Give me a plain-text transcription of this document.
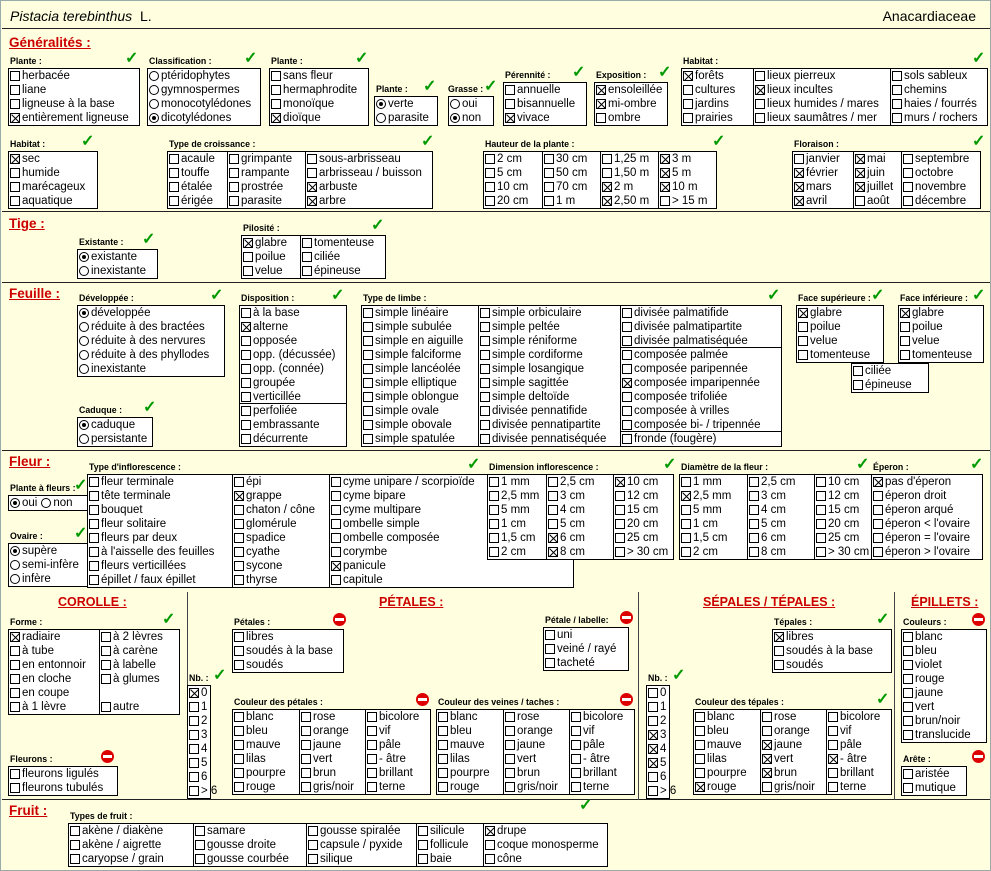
Pistacia terebinthus L.	Anacardiaceae
Généralités :
Tige :
Feuille :
Fleur :
Fruit :
COROLLE :	PÉTALES :	SÉPALES / TÉPALES :	ÉPILLETS :
Plante :	✓
herbacée
liane
ligneuse à la base
entièrement ligneuse
Classification : ✓
ptéridophytes
gymnospermes
monocotylédones
dicotylédones
Plante :	✓
sans fleur
hermaphrodite
monoïque
dioïque
Plante : ✓
verte
parasite
Grasse : ✓
oui
non
Pérennité : ✓
annuelle
bisannuelle
vivace
Exposition : ✓
ensoleillée
mi-ombre
ombre
Habitat :	✓
forêts
cultures
jardins
prairies
lieux pierreux
lieux incultes
lieux humides / mares
lieux saumâtres / mer
sols sableux
chemins
haies / fourrés
murs / rochers
Habitat : ✓
sec
humide
marécageux
aquatique
Type de croissance :	✓
acaule
touffe
étalée
érigée
grimpante
rampante
prostrée
parasite
sous-arbrisseau
arbrisseau / buisson
arbuste
arbre
Hauteur de la plante :	✓
2 cm
5 cm
10 cm
20 cm
30 cm
50 cm
70 cm
1 m
1,25 m
1,50 m
2 m
2,50 m
3 m
5 m
10 m
> 15 m
Floraison :	✓
janvier
février
mars
avril
mai
juin
juillet
août
septembre
octobre
novembre
décembre
Existante : ✓
existante
inexistante
Pilosité :	✓
glabre
poilue
velue
tomenteuse
ciliée
épineuse
Développée :	✓
développée
réduite à des bractées
réduite à des nervures
réduite à des phyllodes
inexistante
Caduque : ✓
caduque
persistante
Disposition : ✓
à la base
alterne
opposée
opp. (décussée)
opp. (connée)
groupée
verticillée
perfoliée
embrassante
décurrente
Type de limbe :	✓
simple linéaire
simple subulée
simple en aiguille
simple falciforme
simple lancéolée
simple elliptique
simple oblongue
simple ovale
simple obovale
simple spatulée
simple orbiculaire
simple peltée
simple réniforme
simple cordiforme
simple losangique
simple sagittée
simple deltoïde
divisée pennatifide
divisée pennatipartite
divisée pennatiséquée
divisée palmatifide
divisée palmatipartite
divisée palmatiséquée
composée palmée
composée paripennée
composée imparipennée
composée trifoliée
composée à vrilles
composée bi- / tripennée
fronde (fougère)
Face supérieure : ✓
glabre
poilue
velue
tomenteuse
Face inférieure : ✓
glabre
poilue
velue
tomenteuse
ciliée
épineuse
Plante à fleurs :
✓
oui non
Ovaire : ✓
supère
semi-infère
infère
Type d'inflorescence :	✓
fleur terminale
tête terminale
bouquet
fleur solitaire
fleurs par deux
à l'aisselle des feuilles
fleurs verticillées
épillet / faux épillet
épi
grappe
chaton / cône
glomérule
spadice
cyathe
sycone
thyrse
cyme unipare / scorpioïde
cyme bipare
cyme multipare
ombelle simple
ombelle composée
corymbe
panicule
capitule
Dimension inflorescence :	✓
1 mm
2,5 mm
5 mm
1 cm
1,5 cm
2 cm
2,5 cm
3 cm
4 cm
5 cm
6 cm
8 cm
10 cm
12 cm
15 cm
20 cm
25 cm
> 30 cm
Diamètre de la fleur :	✓
1 mm
2,5 mm
5 mm
1 cm
1,5 cm
2 cm
2,5 cm
3 cm
4 cm
5 cm
6 cm
8 cm
10 cm
12 cm
15 cm
20 cm
25 cm
> 30 cm
Éperon :	✓
pas d'éperon
éperon droit
éperon arqué
éperon < l'ovaire
éperon = l'ovaire
éperon > l'ovaire
Forme :	✓
radiaire
à tube
en entonnoir
en cloche
en coupe
à 1 lèvre
à 2 lèvres
à carène
à labelle
à glumes
autre
Fleurons :
fleurons ligulés
fleurons tubulés
Nb. : ✓
0
1
2
3
4
5
6
> 6
Pétales :
libres
soudés à la base
soudés
Pétale / labelle:
uni
veiné / rayé
tacheté
Couleur des pétales :
blanc
bleu
mauve
lilas
pourpre
rouge
rose
orange
jaune
vert
brun
gris/noir
bicolore
vif
pâle
- âtre
brillant
terne
Couleur des veines / taches :
blanc
bleu
mauve
lilas
pourpre
rouge
rose
orange
jaune
vert
brun
gris/noir
bicolore
vif
pâle
- âtre
brillant
terne
Nb. : ✓
0
1
2
3
4
5
6
> 6
Tépales :	✓
libres
soudés à la base
soudés
Couleur des tépales :	✓
blanc
bleu
mauve
lilas
pourpre
rouge
rose
orange
jaune
vert
brun
gris/noir
bicolore
vif
pâle
- âtre
brillant
terne
Couleurs :
blanc
bleu
violet
rouge
jaune
vert
brun/noir
translucide
Arête :
aristée
mutique
Types de fruit :
✓
akène / diakène
akène / aigrette
caryopse / grain
samare
gousse droite
gousse courbée
gousse spiralée
capsule / pyxide
silique
silicule
follicule
baie
drupe
coque monosperme
cône
